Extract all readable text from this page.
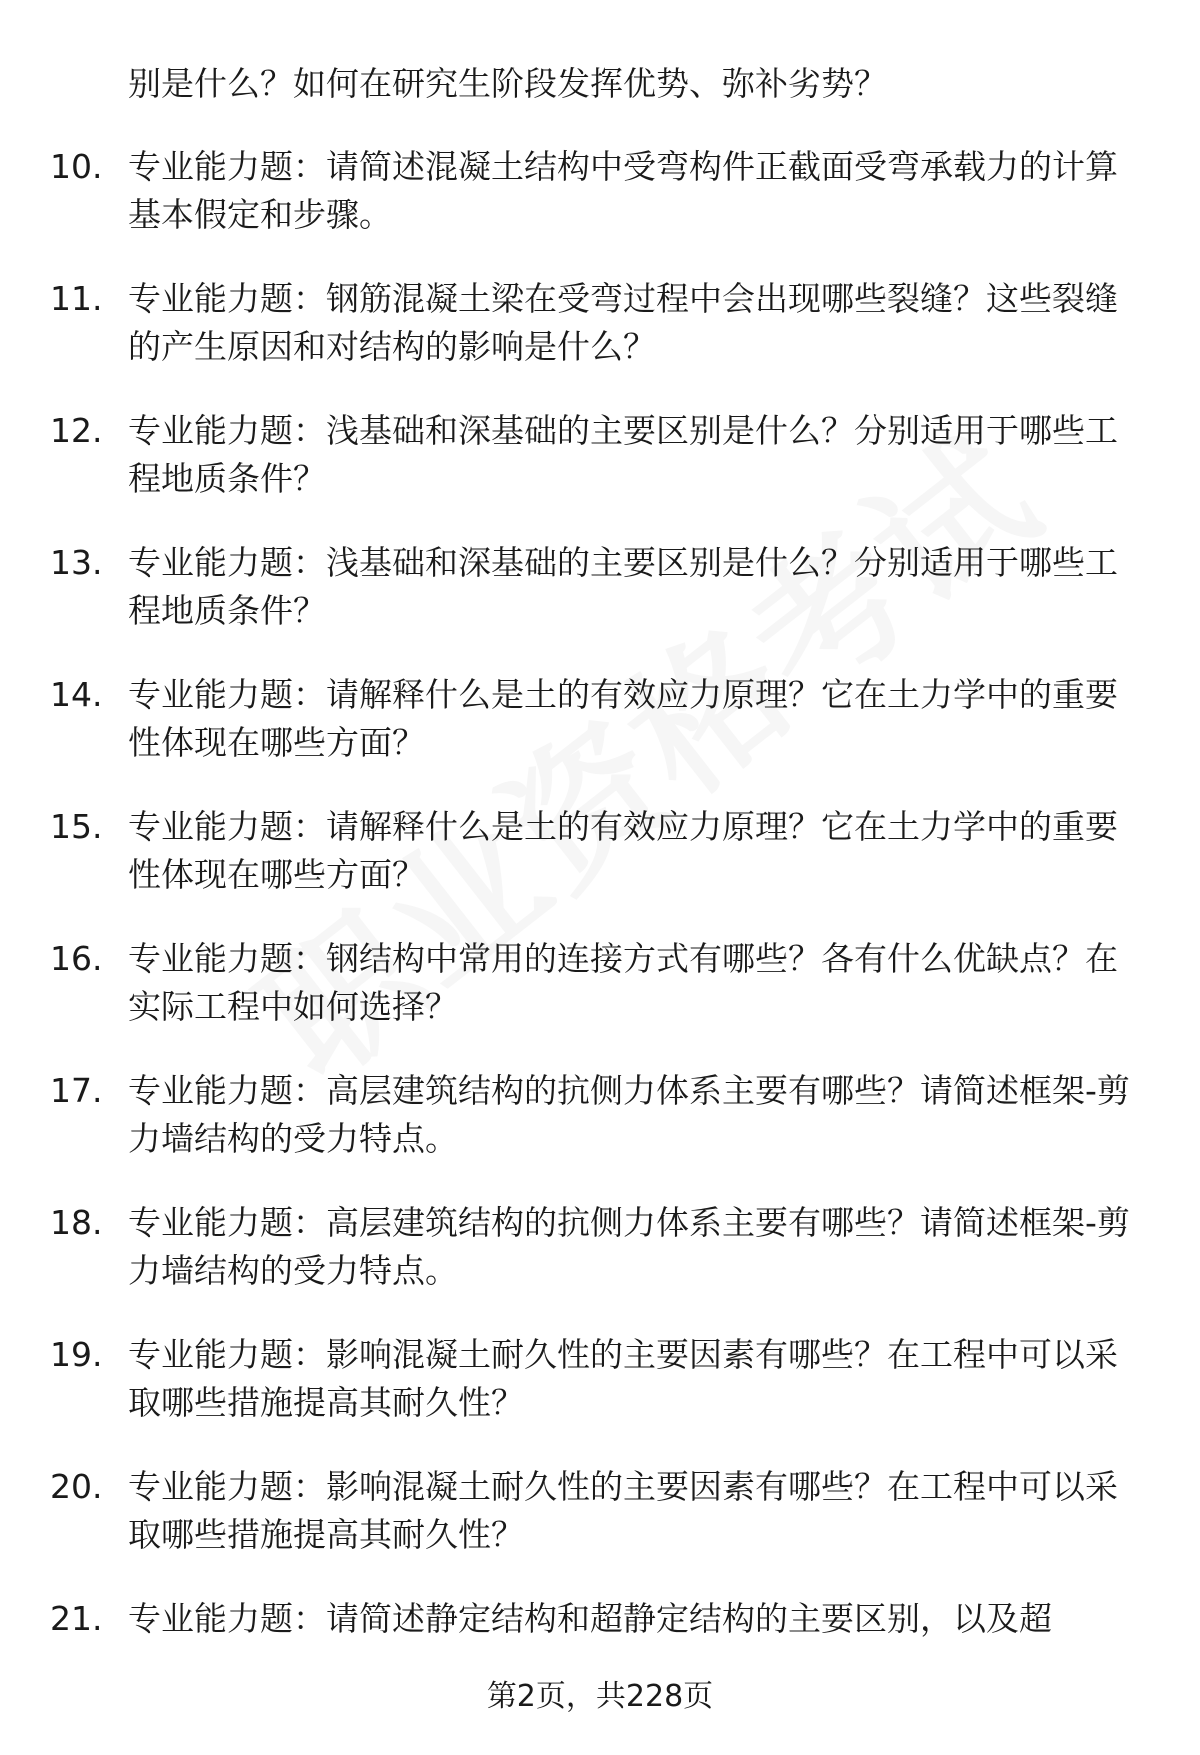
别是什么？如何在研究生阶段发挥优势、弥补劣势？
10. 专业能力题：请简述混凝土结构中受弯构件正截面受弯承载力的计算基本假定和步骤。
11. 专业能力题：钢筋混凝土梁在受弯过程中会出现哪些裂缝？这些裂缝的产生原因和对结构的影响是什么？
12. 专业能力题：浅基础和深基础的主要区别是什么？分别适用于哪些工程地质条件？
13. 专业能力题：浅基础和深基础的主要区别是什么？分别适用于哪些工程地质条件？
14. 专业能力题：请解释什么是土的有效应力原理？它在土力学中的重要性体现在哪些方面？
15. 专业能力题：请解释什么是土的有效应力原理？它在土力学中的重要性体现在哪些方面？
16. 专业能力题：钢结构中常用的连接方式有哪些？各有什么优缺点？在实际工程中如何选择？
17. 专业能力题：高层建筑结构的抗侧力体系主要有哪些？请简述框架-剪力墙结构的受力特点。
18. 专业能力题：高层建筑结构的抗侧力体系主要有哪些？请简述框架-剪力墙结构的受力特点。
19. 专业能力题：影响混凝土耐久性的主要因素有哪些？在工程中可以采取哪些措施提高其耐久性？
20. 专业能力题：影响混凝土耐久性的主要因素有哪些？在工程中可以采取哪些措施提高其耐久性？
21. 专业能力题：请简述静定结构和超静定结构的主要区别，以及超
第2页，共228页
